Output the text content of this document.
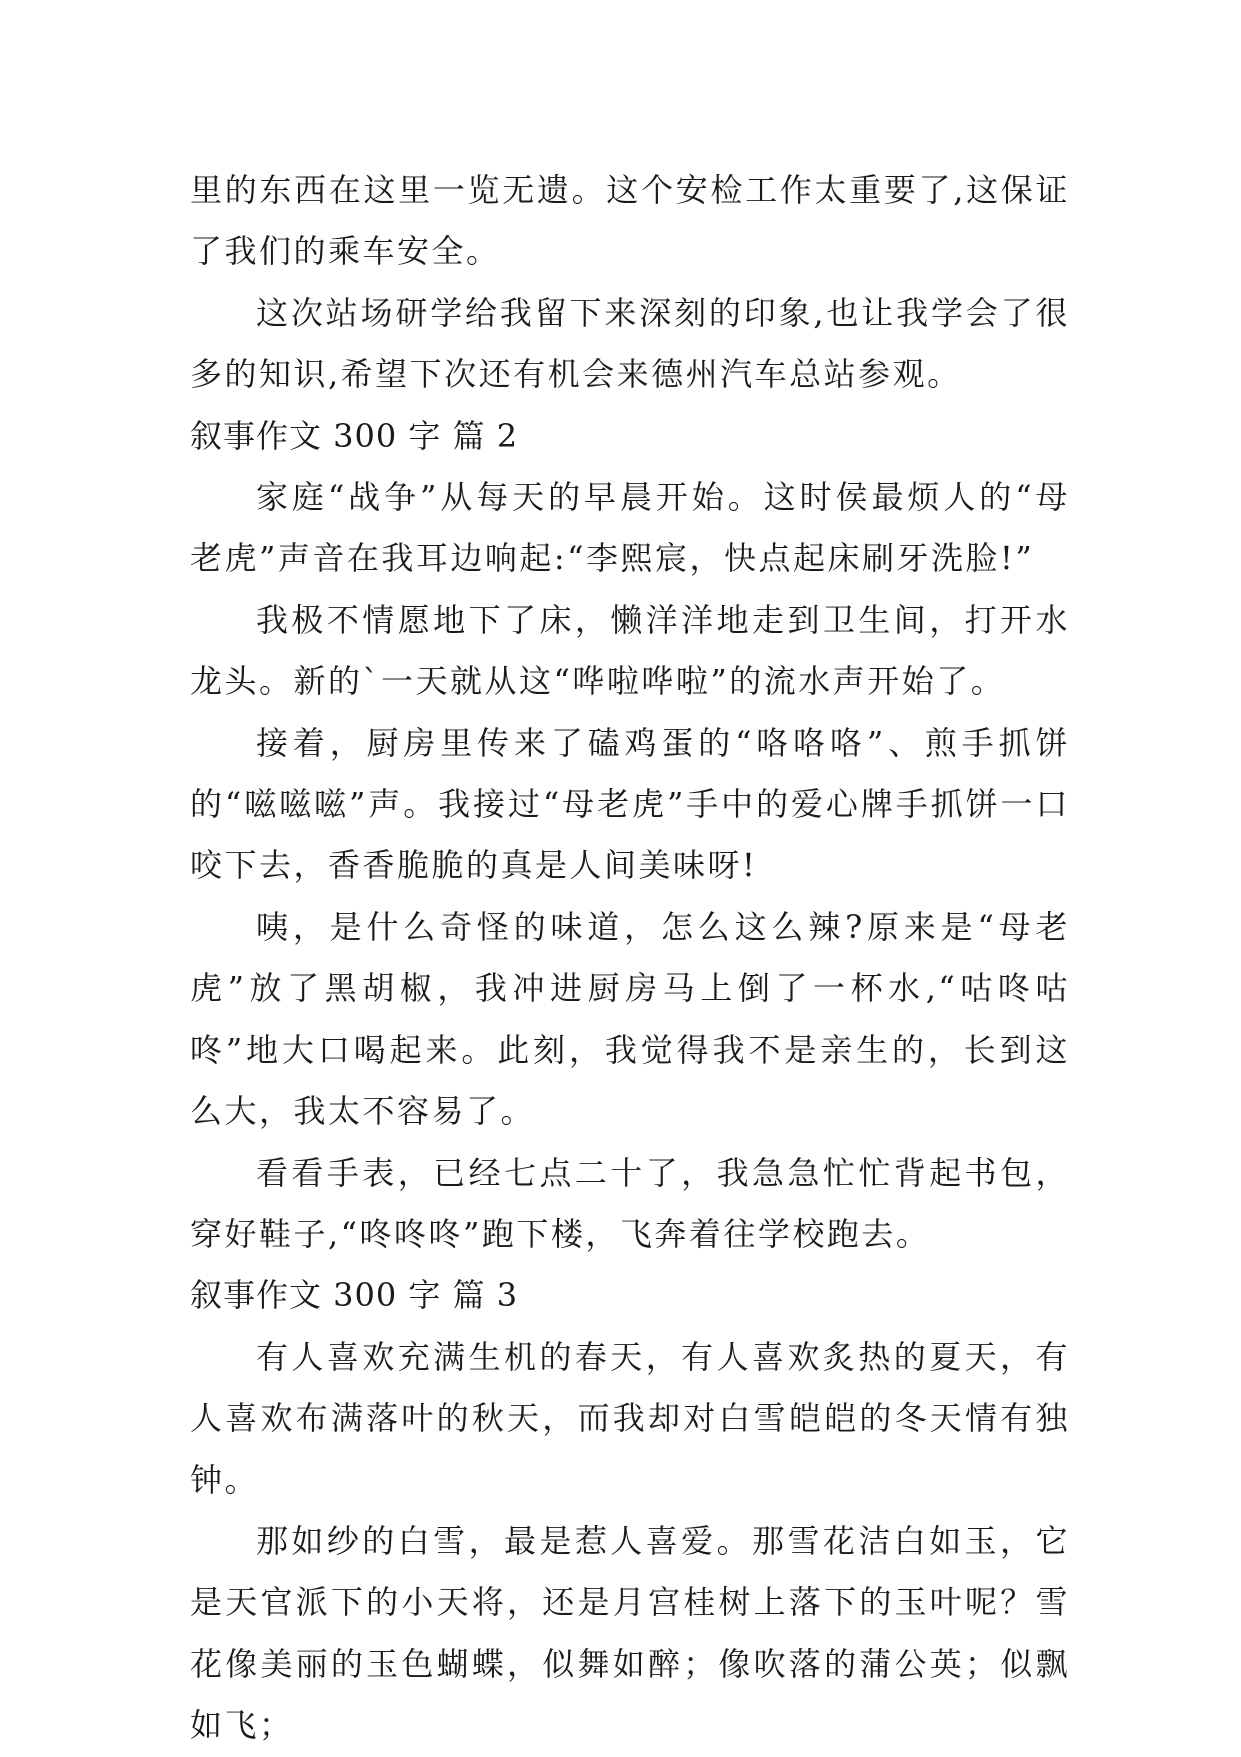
里的东西在这里一览无遗。这个安检工作太重要了,这保证了我们的乘车安全。

这次站场研学给我留下来深刻的印象,也让我学会了很多的知识,希望下次还有机会来德州汽车总站参观。

叙事作文 300 字 篇 2

家庭“战争”从每天的早晨开始。这时侯最烦人的“母老虎”声音在我耳边响起:“李熙宸，快点起床刷牙洗脸!”

我极不情愿地下了床，懒洋洋地走到卫生间，打开水龙头。新的`一天就从这“哗啦哗啦”的流水声开始了。

接着，厨房里传来了磕鸡蛋的“咯咯咯”、煎手抓饼的“嗞嗞嗞”声。我接过“母老虎”手中的爱心牌手抓饼一口咬下去，香香脆脆的真是人间美味呀!

咦，是什么奇怪的味道，怎么这么辣?原来是“母老虎”放了黑胡椒，我冲进厨房马上倒了一杯水,“咕咚咕咚”地大口喝起来。此刻，我觉得我不是亲生的，长到这么大，我太不容易了。

看看手表，已经七点二十了，我急急忙忙背起书包，穿好鞋子,“咚咚咚”跑下楼，飞奔着往学校跑去。

叙事作文 300 字 篇 3

有人喜欢充满生机的春天，有人喜欢炙热的夏天，有人喜欢布满落叶的秋天，而我却对白雪皑皑的冬天情有独钟。

那如纱的白雪，最是惹人喜爱。那雪花洁白如玉，它是天官派下的小天将，还是月宫桂树上落下的玉叶呢？雪花像美丽的玉色蝴蝶，似舞如醉；像吹落的蒲公英；似飘如飞；
